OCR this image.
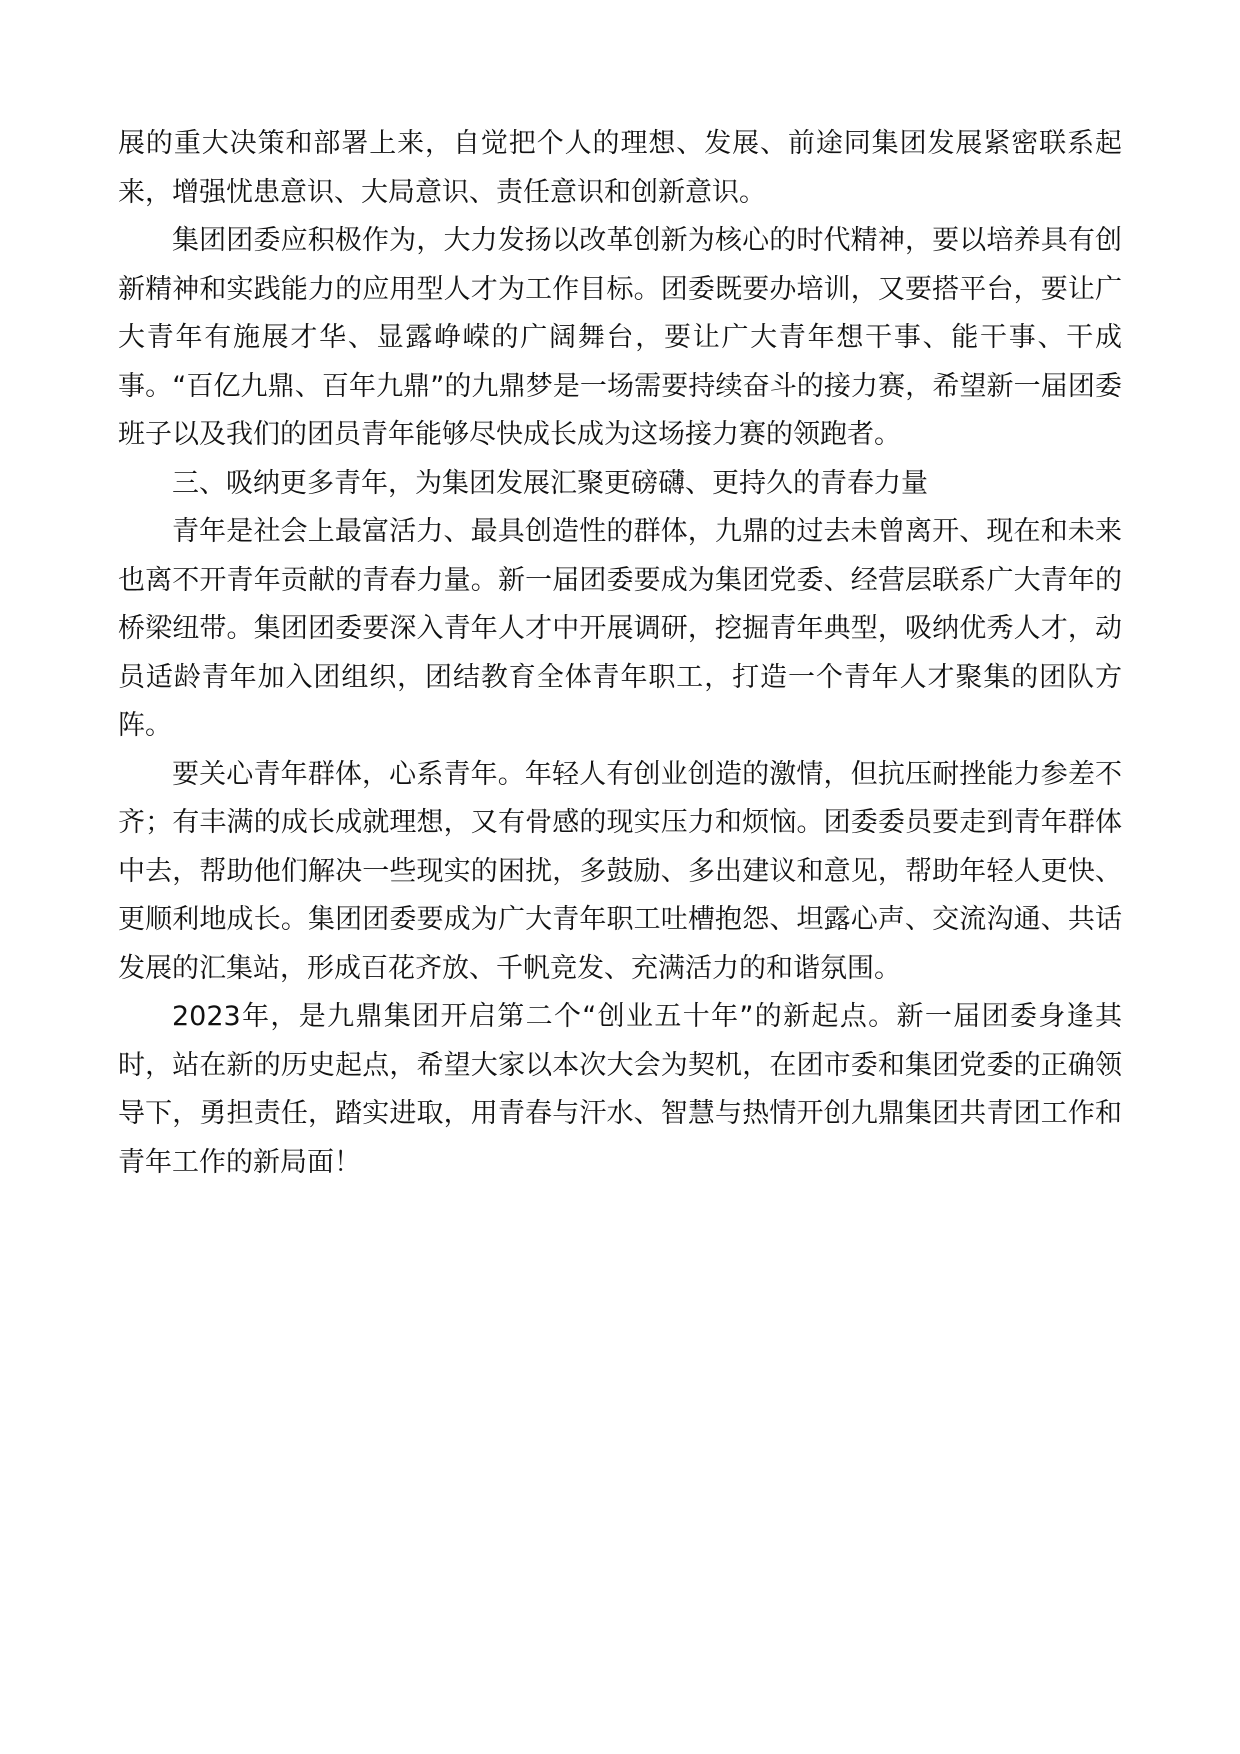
展的重大决策和部署上来，自觉把个人的理想、发展、前途同集团发展紧密联系起来，增强忧患意识、大局意识、责任意识和创新意识。

集团团委应积极作为，大力发扬以改革创新为核心的时代精神，要以培养具有创新精神和实践能力的应用型人才为工作目标。团委既要办培训，又要搭平台，要让广大青年有施展才华、显露峥嵘的广阔舞台，要让广大青年想干事、能干事、干成事。“百亿九鼎、百年九鼎”的九鼎梦是一场需要持续奋斗的接力赛，希望新一届团委班子以及我们的团员青年能够尽快成长成为这场接力赛的领跑者。

三、吸纳更多青年，为集团发展汇聚更磅礴、更持久的青春力量

青年是社会上最富活力、最具创造性的群体，九鼎的过去未曾离开、现在和未来也离不开青年贡献的青春力量。新一届团委要成为集团党委、经营层联系广大青年的桥梁纽带。集团团委要深入青年人才中开展调研，挖掘青年典型，吸纳优秀人才，动员适龄青年加入团组织，团结教育全体青年职工，打造一个青年人才聚集的团队方阵。

要关心青年群体，心系青年。年轻人有创业创造的激情，但抗压耐挫能力参差不齐；有丰满的成长成就理想，又有骨感的现实压力和烦恼。团委委员要走到青年群体中去，帮助他们解决一些现实的困扰，多鼓励、多出建议和意见，帮助年轻人更快、更顺利地成长。集团团委要成为广大青年职工吐槽抱怨、坦露心声、交流沟通、共话发展的汇集站，形成百花齐放、千帆竞发、充满活力的和谐氛围。

2023年，是九鼎集团开启第二个“创业五十年”的新起点。新一届团委身逢其时，站在新的历史起点，希望大家以本次大会为契机，在团市委和集团党委的正确领导下，勇担责任，踏实进取，用青春与汗水、智慧与热情开创九鼎集团共青团工作和青年工作的新局面！
